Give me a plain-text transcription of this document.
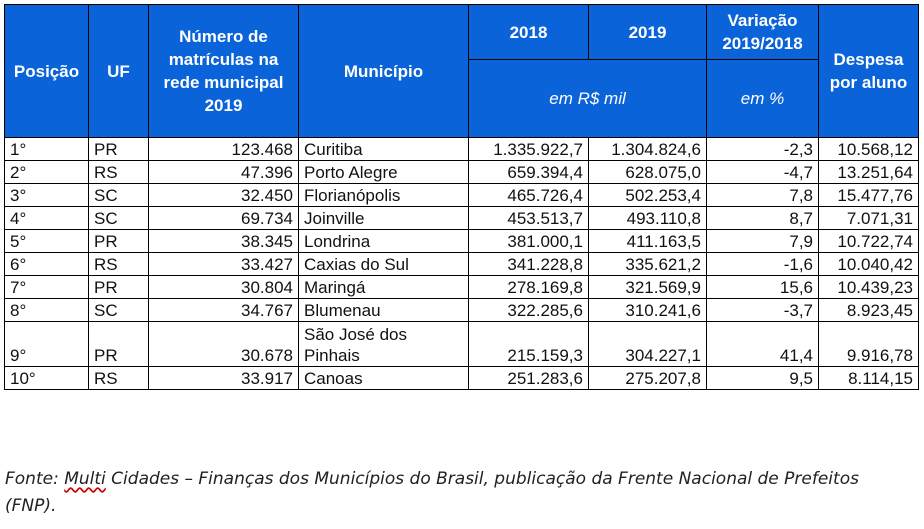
Posição	UF	Número de matrículas na rede municipal 2019	Município	2018	2019	Variação 2019/2018	Despesa por aluno
				em R$ mil		em %	
1°	PR	123.468	Curitiba	1.335.922,7	1.304.824,6	-2,3	10.568,12
2°	RS	47.396	Porto Alegre	659.394,4	628.075,0	-4,7	13.251,64
3°	SC	32.450	Florianópolis	465.726,4	502.253,4	7,8	15.477,76
4°	SC	69.734	Joinville	453.513,7	493.110,8	8,7	7.071,31
5°	PR	38.345	Londrina	381.000,1	411.163,5	7,9	10.722,74
6°	RS	33.427	Caxias do Sul	341.228,8	335.621,2	-1,6	10.040,42
7°	PR	30.804	Maringá	278.169,8	321.569,9	15,6	10.439,23
8°	SC	34.767	Blumenau	322.285,6	310.241,6	-3,7	8.923,45
9°	PR	30.678	São José dos Pinhais	215.159,3	304.227,1	41,4	9.916,78
10°	RS	33.917	Canoas	251.283,6	275.207,8	9,5	8.114,15
Fonte: Multi Cidades – Finanças dos Municípios do Brasil, publicação da Frente Nacional de Prefeitos (FNP).
